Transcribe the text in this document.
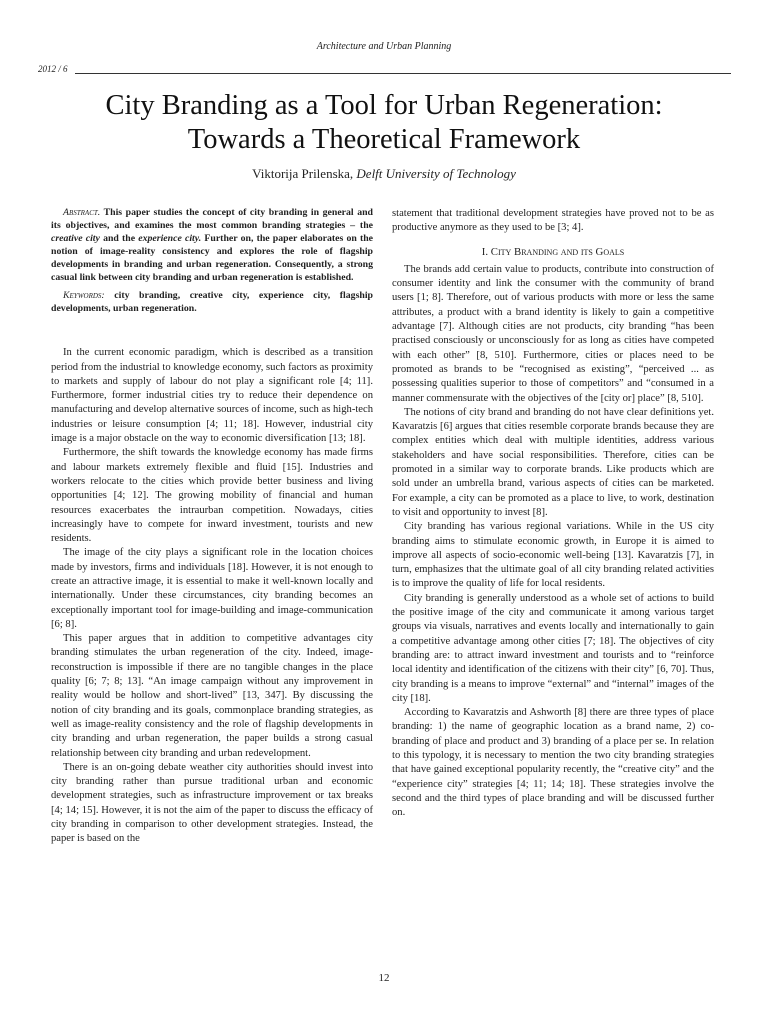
Architecture and Urban Planning
2012 / 6
City Branding as a Tool for Urban Regeneration:
Towards a Theoretical Framework
Viktorija Prilenska, Delft University of Technology

Abstract. This paper studies the concept of city branding in general and its objectives, and examines the most common branding strategies – the creative city and the experience city. Further on, the paper elaborates on the notion of image-reality consistency and explores the role of flagship developments in branding and urban regeneration. Consequently, a strong casual link between city branding and urban regeneration is established.

Keywords: city branding, creative city, experience city, flagship developments, urban regeneration.

In the current economic paradigm, which is described as a transition period from the industrial to knowledge economy, such factors as proximity to markets and supply of labour do not play a significant role [4; 11]. Furthermore, former industrial cities try to reduce their dependence on manufacturing and develop alternative sources of income, such as high-tech industries or leisure consumption [4; 11; 18]. However, industrial city image is a major obstacle on the way to economic diversification [13; 18].

Furthermore, the shift towards the knowledge economy has made firms and labour markets extremely flexible and fluid [15]. Industries and workers relocate to the cities which provide better business and living opportunities [4; 12]. The growing mobility of financial and human resources exacerbates the intraurban competition. Nowadays, cities increasingly have to compete for inward investment, tourists and new residents.

The image of the city plays a significant role in the location choices made by investors, firms and individuals [18]. However, it is not enough to create an attractive image, it is essential to make it well-known locally and internationally. Under these circumstances, city branding becomes an exceptionally important tool for image-building and image-communication [6; 8].

This paper argues that in addition to competitive advantages city branding stimulates the urban regeneration of the city. Indeed, image-reconstruction is impossible if there are no tangible changes in the place quality [6; 7; 8; 13]. “An image campaign without any improvement in reality would be hollow and short-lived” [13, 347]. By discussing the notion of city branding and its goals, commonplace branding strategies, as well as image-reality consistency and the role of flagship developments in city branding and urban regeneration, the paper builds a strong casual relationship between city branding and urban redevelopment.

There is an on-going debate weather city authorities should invest into city branding rather than pursue traditional urban and economic development strategies, such as infrastructure improvement or tax breaks [4; 14; 15]. However, it is not the aim of the paper to discuss the efficacy of city branding in comparison to other development strategies. Instead, the paper is based on the

statement that traditional development strategies have proved not to be as productive anymore as they used to be [3; 4].

I. City Branding and its Goals

The brands add certain value to products, contribute into construction of consumer identity and link the consumer with the community of brand users [1; 8]. Therefore, out of various products with more or less the same attributes, a product with a brand identity is likely to gain a competitive advantage [7]. Although cities are not products, city branding “has been practised consciously or unconsciously for as long as cities have competed with each other” [8, 510]. Furthermore, cities or places need to be promoted as brands to be “recognised as existing”, “perceived ... as possessing qualities superior to those of competitors” and “consumed in a manner commensurate with the objectives of the [city or] place” [8, 510].

The notions of city brand and branding do not have clear definitions yet. Kavaratzis [6] argues that cities resemble corporate brands because they are complex entities which deal with multiple identities, address various stakeholders and have social responsibilities. Therefore, cities can be promoted in a similar way to corporate brands. Like products which are sold under an umbrella brand, various aspects of cities can be marketed. For example, a city can be promoted as a place to live, to work, destination to visit and opportunity to invest [8].

City branding has various regional variations. While in the US city branding aims to stimulate economic growth, in Europe it is aimed to improve all aspects of socio-economic well-being [13]. Kavaratzis [7], in turn, emphasizes that the ultimate goal of all city branding related activities is to improve the quality of life for local residents.

City branding is generally understood as a whole set of actions to build the positive image of the city and communicate it among various target groups via visuals, narratives and events locally and internationally to gain a competitive advantage among other cities [7; 18]. The objectives of city branding are: to attract inward investment and tourists and to “reinforce local identity and identification of the citizens with their city” [6, 70]. Thus, city branding is a means to improve “external” and “internal” images of the city [18].

According to Kavaratzis and Ashworth [8] there are three types of place branding: 1) the name of geographic location as a brand name, 2) co-branding of place and product and 3) branding of a place per se. In relation to this typology, it is necessary to mention the two city branding strategies that have gained exceptional popularity recently, the “creative city” and the “experience city” strategies [4; 11; 14; 18]. These strategies involve the second and the third types of place branding and will be discussed further on.

12
